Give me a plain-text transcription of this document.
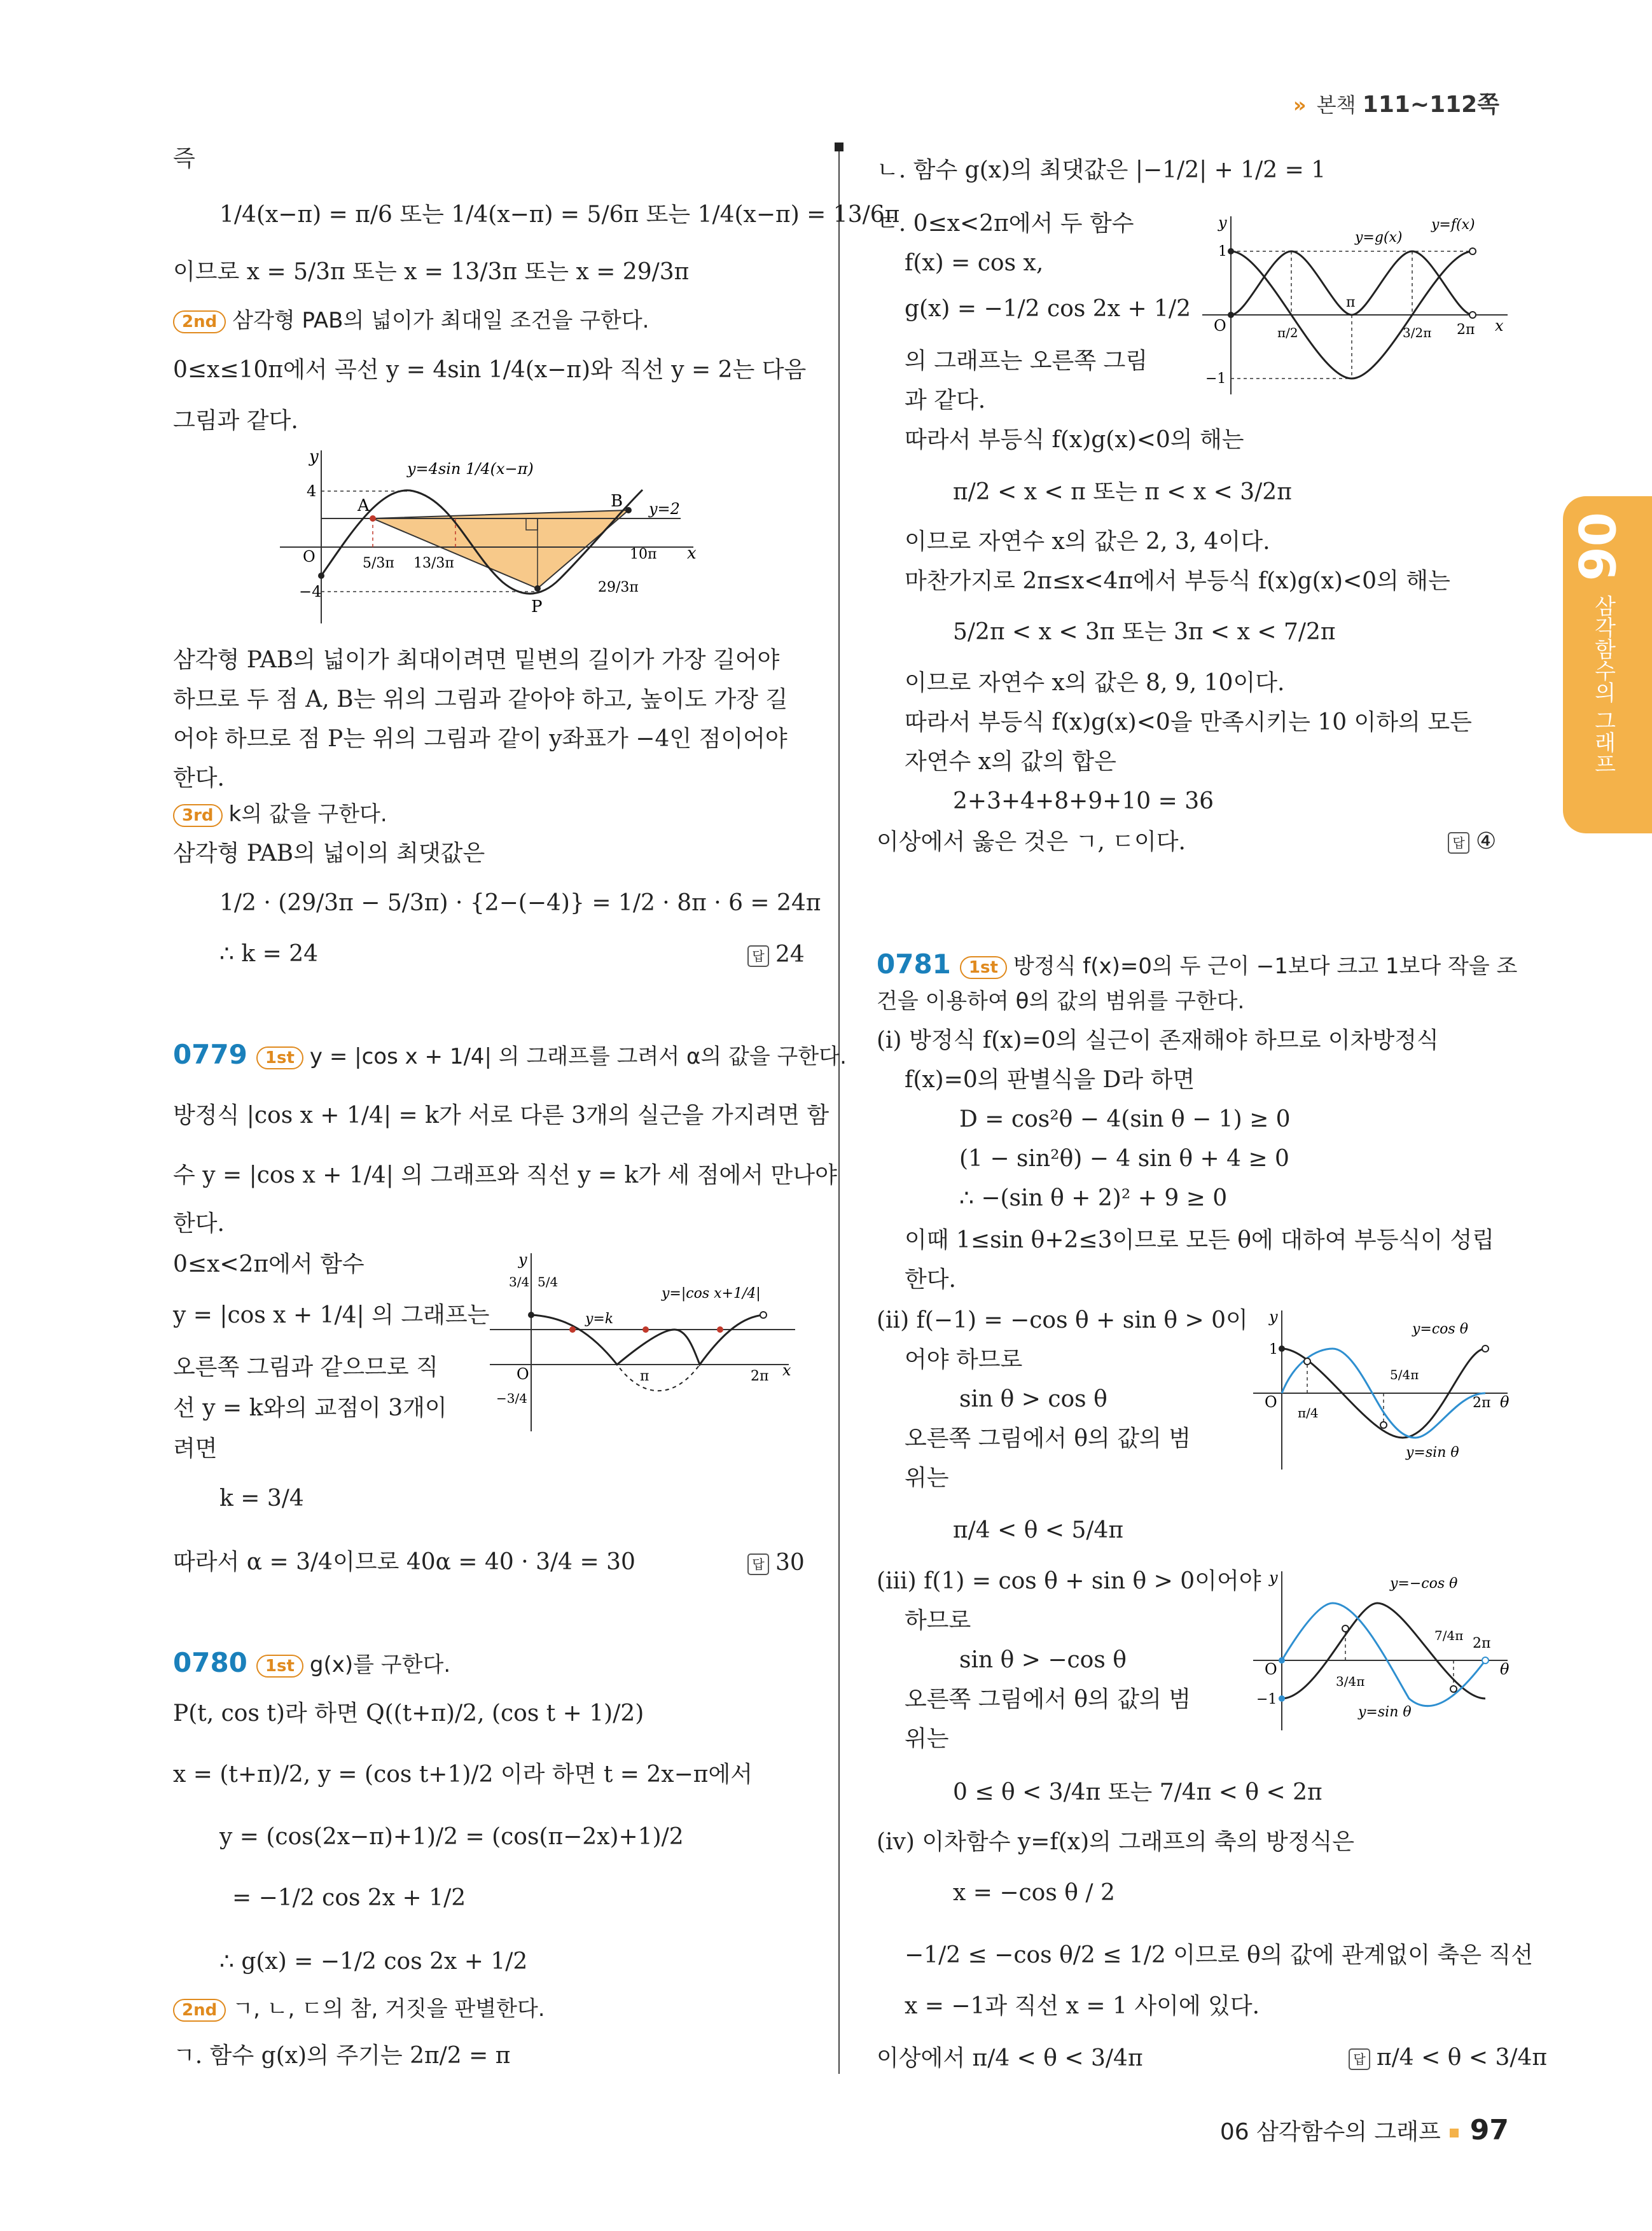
» 본책 111~112쪽
06
삼각함수의 그래프
즉
1/4(x−π) = π/6 또는 1/4(x−π) = 5/6π 또는 1/4(x−π) = 13/6π
이므로 x = 5/3π 또는 x = 13/3π 또는 x = 29/3π
2nd 삼각형 PAB의 넓이가 최대일 조건을 구한다.
0≤x≤10π에서 곡선 y = 4sin 1/4(x−π)와 직선 y = 2는 다음
그림과 같다.
y
x
4
−4
O
A	B
P
y=4sin 1/4(x−π)
y=2
5/3π 13/3π
29/3π
10π
삼각형 PAB의 넓이가 최대이려면 밑변의 길이가 가장 길어야
하므로 두 점 A, B는 위의 그림과 같아야 하고, 높이도 가장 길
어야 하므로 점 P는 위의 그림과 같이 y좌표가 −4인 점이어야
한다.
3rd k의 값을 구한다.
삼각형 PAB의 넓이의 최댓값은
1/2 · (29/3π − 5/3π) · {2−(−4)} = 1/2 · 8π · 6 = 24π
∴ k = 24	답 24
0779 1st y = |cos x + 1/4| 의 그래프를 그려서 α의 값을 구한다.
방정식 |cos x + 1/4| = k가 서로 다른 3개의 실근을 가지려면 함
수 y = |cos x + 1/4| 의 그래프와 직선 y = k가 세 점에서 만나야
한다.
0≤x<2π에서 함수
y = |cos x + 1/4| 의 그래프는
오른쪽 그림과 같으므로 직
선 y = k와의 교점이 3개이
려면
k = 3/4
따라서 α = 3/4이므로 40α = 40 · 3/4 = 30	답 30
y
x
O
3/4 5/4
−3/4
π	2π
y=k
y=|cos x+1/4|
0780 1st g(x)를 구한다.
P(t, cos t)라 하면 Q((t+π)/2, (cos t + 1)/2)
x = (t+π)/2, y = (cos t+1)/2 이라 하면 t = 2x−π에서
y = (cos(2x−π)+1)/2 = (cos(π−2x)+1)/2
= −1/2 cos 2x + 1/2
∴ g(x) = −1/2 cos 2x + 1/2
2nd ㄱ, ㄴ, ㄷ의 참, 거짓을 판별한다.
ㄱ. 함수 g(x)의 주기는 2π/2 = π
ㄴ. 함수 g(x)의 최댓값은 |−1/2| + 1/2 = 1
ㄷ. 0≤x<2π에서 두 함수
f(x) = cos x,
g(x) = −1/2 cos 2x + 1/2
의 그래프는 오른쪽 그림
과 같다.
따라서 부등식 f(x)g(x)<0의 해는
π/2 < x < π 또는 π < x < 3/2π
이므로 자연수 x의 값은 2, 3, 4이다.
마찬가지로 2π≤x<4π에서 부등식 f(x)g(x)<0의 해는
5/2π < x < 3π 또는 3π < x < 7/2π
이므로 자연수 x의 값은 8, 9, 10이다.
따라서 부등식 f(x)g(x)<0을 만족시키는 10 이하의 모든
자연수 x의 값의 합은
2+3+4+8+9+10 = 36
이상에서 옳은 것은 ㄱ, ㄷ이다.	답 ④
y
x
O
1
−1
π/2
π
3/2π 2π
y=g(x)
y=f(x)
0781 1st 방정식 f(x)=0의 두 근이 −1보다 크고 1보다 작을 조
건을 이용하여 θ의 값의 범위를 구한다.
(ⅰ) 방정식 f(x)=0의 실근이 존재해야 하므로 이차방정식
f(x)=0의 판별식을 D라 하면
D = cos²θ − 4(sin θ − 1) ≥ 0
(1 − sin²θ) − 4 sin θ + 4 ≥ 0
∴ −(sin θ + 2)² + 9 ≥ 0
이때 1≤sin θ+2≤3이므로 모든 θ에 대하여 부등식이 성립
한다.
(ⅱ) f(−1) = −cos θ + sin θ > 0이
어야 하므로
sin θ > cos θ
오른쪽 그림에서 θ의 값의 범
위는
π/4 < θ < 5/4π
y
θ
O
1
π/4
5/4π
2π
y=cos θ
y=sin θ
(ⅲ) f(1) = cos θ + sin θ > 0이어야
하므로
sin θ > −cos θ
오른쪽 그림에서 θ의 값의 범
위는
0 ≤ θ < 3/4π 또는 7/4π < θ < 2π
y
θ
O
−1
3/4π
7/4π 2π
y=−cos θ
y=sin θ
(ⅳ) 이차함수 y=f(x)의 그래프의 축의 방정식은
x = −cos θ / 2
−1/2 ≤ −cos θ/2 ≤ 1/2 이므로 θ의 값에 관계없이 축은 직선
x = −1과 직선 x = 1 사이에 있다.
이상에서 π/4 < θ < 3/4π	답 π/4 < θ < 3/4π
06 삼각함수의 그래프 97
